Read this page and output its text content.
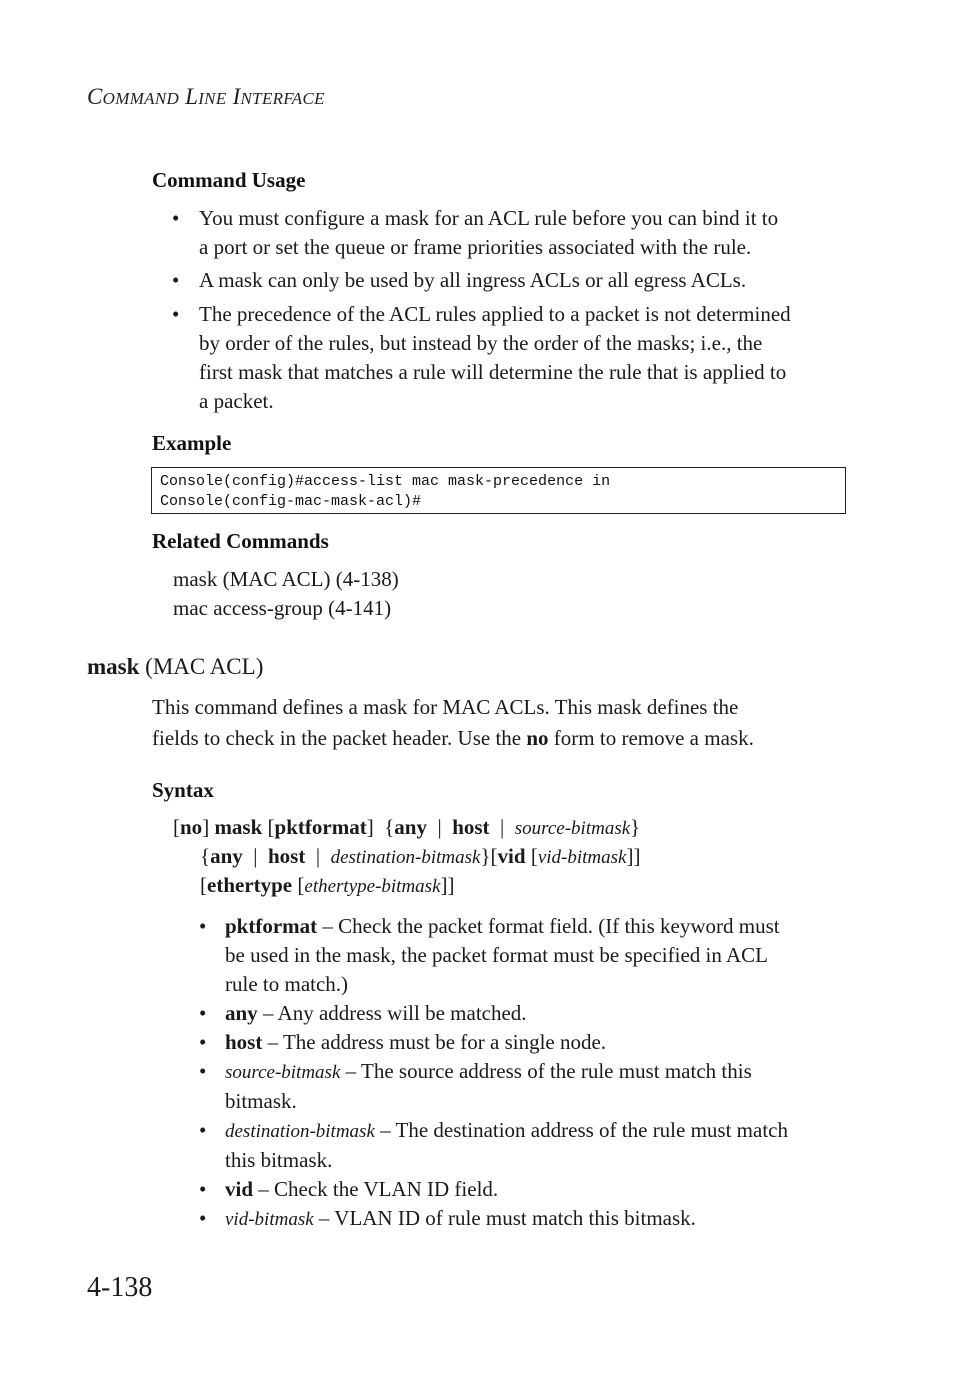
COMMAND LINE INTERFACE
Command Usage
• You must configure a mask for an ACL rule before you can bind it to
a port or set the queue or frame priorities associated with the rule.
• A mask can only be used by all ingress ACLs or all egress ACLs.
• The precedence of the ACL rules applied to a packet is not determined
by order of the rules, but instead by the order of the masks; i.e., the
first mask that matches a rule will determine the rule that is applied to
a packet.
Example
Console(config)#access-list mac mask-precedence in
Console(config-mac-mask-acl)#
Related Commands
mask (MAC ACL) (4-138)
mac access-group (4-141)
mask (MAC ACL)
This command defines a mask for MAC ACLs. This mask defines the
fields to check in the packet header. Use the no form to remove a mask.
Syntax
[no] mask [pktformat]  {any  |  host  |  source-bitmask}
{any  |  host  |  destination-bitmask}[vid [vid-bitmask]]
[ethertype [ethertype-bitmask]]
• pktformat – Check the packet format field. (If this keyword must
be used in the mask, the packet format must be specified in ACL
rule to match.)
• any – Any address will be matched.
• host – The address must be for a single node.
• source-bitmask – The source address of the rule must match this
bitmask.
• destination-bitmask – The destination address of the rule must match
this bitmask.
• vid – Check the VLAN ID field.
• vid-bitmask – VLAN ID of rule must match this bitmask.
4-138
